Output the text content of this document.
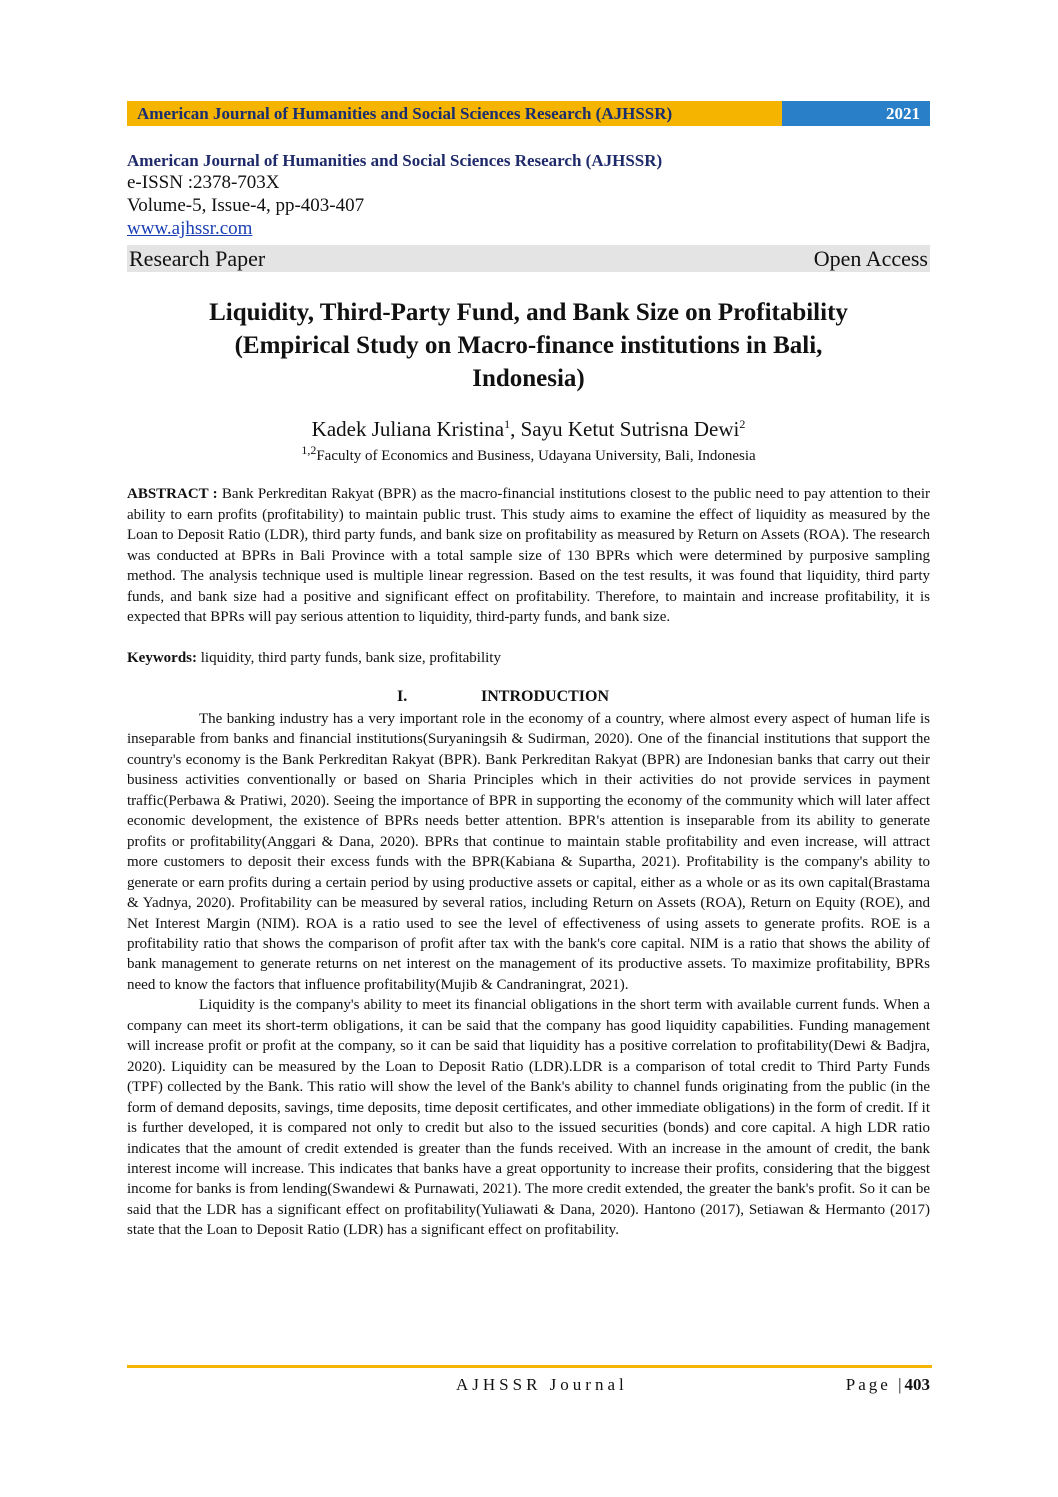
American Journal of Humanities and Social Sciences Research (AJHSSR)	2021
American Journal of Humanities and Social Sciences Research (AJHSSR)
e-ISSN :2378-703X
Volume-5, Issue-4, pp-403-407
www.ajhssr.com
Research Paper	Open Access
Liquidity, Third-Party Fund, and Bank Size on Profitability
(Empirical Study on Macro-finance institutions in Bali,
Indonesia)
Kadek Juliana Kristina$^1$, Sayu Ketut Sutrisna Dewi$^2$
$^{1,2}$Faculty of Economics and Business, Udayana University, Bali, Indonesia
ABSTRACT : Bank Perkreditan Rakyat (BPR) as the macro-financial institutions closest to the public need to pay attention to their ability to earn profits (profitability) to maintain public trust. This study aims to examine the effect of liquidity as measured by the Loan to Deposit Ratio (LDR), third party funds, and bank size on profitability as measured by Return on Assets (ROA). The research was conducted at BPRs in Bali Province with a total sample size of 130 BPRs which were determined by purposive sampling method. The analysis technique used is multiple linear regression. Based on the test results, it was found that liquidity, third party funds, and bank size had a positive and significant effect on profitability. Therefore, to maintain and increase profitability, it is expected that BPRs will pay serious attention to liquidity, third-party funds, and bank size.
Keywords: liquidity, third party funds, bank size, profitability
I.	INTRODUCTION

The banking industry has a very important role in the economy of a country, where almost every aspect of human life is inseparable from banks and financial institutions(Suryaningsih & Sudirman, 2020). One of the financial institutions that support the country's economy is the Bank Perkreditan Rakyat (BPR). Bank Perkreditan Rakyat (BPR) are Indonesian banks that carry out their business activities conventionally or based on Sharia Principles which in their activities do not provide services in payment traffic(Perbawa & Pratiwi, 2020). Seeing the importance of BPR in supporting the economy of the community which will later affect economic development, the existence of BPRs needs better attention. BPR's attention is inseparable from its ability to generate profits or profitability(Anggari & Dana, 2020). BPRs that continue to maintain stable profitability and even increase, will attract more customers to deposit their excess funds with the BPR(Kabiana & Supartha, 2021). Profitability is the company's ability to generate or earn profits during a certain period by using productive assets or capital, either as a whole or as its own capital(Brastama & Yadnya, 2020). Profitability can be measured by several ratios, including Return on Assets (ROA), Return on Equity (ROE), and Net Interest Margin (NIM). ROA is a ratio used to see the level of effectiveness of using assets to generate profits. ROE is a profitability ratio that shows the comparison of profit after tax with the bank's core capital. NIM is a ratio that shows the ability of bank management to generate returns on net interest on the management of its productive assets. To maximize profitability, BPRs need to know the factors that influence profitability(Mujib & Candraningrat, 2021).

Liquidity is the company's ability to meet its financial obligations in the short term with available current funds. When a company can meet its short-term obligations, it can be said that the company has good liquidity capabilities. Funding management will increase profit or profit at the company, so it can be said that liquidity has a positive correlation to profitability(Dewi & Badjra, 2020). Liquidity can be measured by the Loan to Deposit Ratio (LDR).LDR is a comparison of total credit to Third Party Funds (TPF) collected by the Bank. This ratio will show the level of the Bank's ability to channel funds originating from the public (in the form of demand deposits, savings, time deposits, time deposit certificates, and other immediate obligations) in the form of credit. If it is further developed, it is compared not only to credit but also to the issued securities (bonds) and core capital. A high LDR ratio indicates that the amount of credit extended is greater than the funds received. With an increase in the amount of credit, the bank interest income will increase. This indicates that banks have a great opportunity to increase their profits, considering that the biggest income for banks is from lending(Swandewi & Purnawati, 2021). The more credit extended, the greater the bank's profit. So it can be said that the LDR has a significant effect on profitability(Yuliawati & Dana, 2020). Hantono (2017), Setiawan & Hermanto (2017) state that the Loan to Deposit Ratio (LDR) has a significant effect on profitability.

AJHSSR Journal	Page |403
